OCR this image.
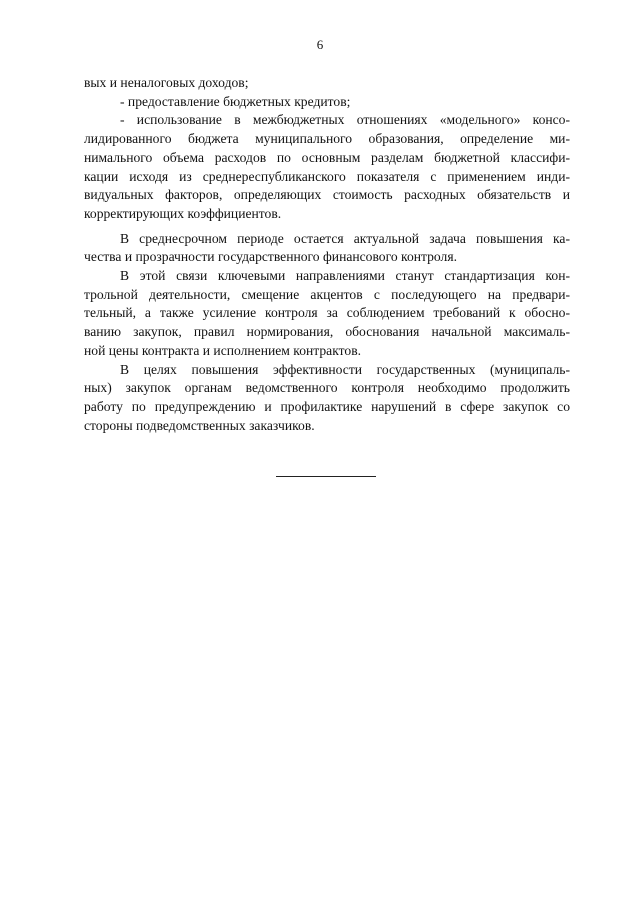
6
вых и неналоговых доходов;
- предоставление бюджетных кредитов;
- использование в межбюджетных отношениях «модельного» консо-
лидированного бюджета муниципального образования, определение ми-
нимального объема расходов по основным разделам бюджетной классифи-
кации исходя из среднереспубликанского показателя с применением инди-
видуальных факторов, определяющих стоимость расходных обязательств и
корректирующих коэффициентов.
В среднесрочном периоде остается актуальной задача повышения ка-
чества и прозрачности государственного финансового контроля.
В этой связи ключевыми направлениями станут стандартизация кон-
трольной деятельности, смещение акцентов с последующего на предвари-
тельный, а также усиление контроля за соблюдением требований к обосно-
ванию закупок, правил нормирования, обоснования начальной максималь-
ной цены контракта и исполнением контрактов.
В целях повышения эффективности государственных (муниципаль-
ных) закупок органам ведомственного контроля необходимо продолжить
работу по предупреждению и профилактике нарушений в сфере закупок со
стороны подведомственных заказчиков.
